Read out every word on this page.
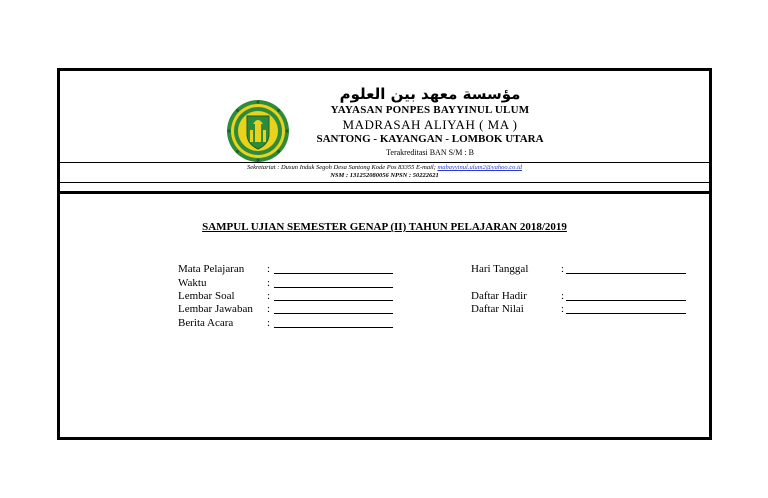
مؤسسة معهد بين العلوم
YAYASAN PONPES BAYYINUL ULUM
MADRASAH ALIYAH ( MA )
SANTONG - KAYANGAN - LOMBOK UTARA
Terakreditasi BAN S/M : B
Sekretariat : Dusun Induk Segoh Desa Santong Kode Pos 83355 E-mail; mabayyinul.ulum2@yahoo.co.id
NSM : 131252080056 NPSN : 50222621
SAMPUL UJIAN SEMESTER GENAP (II) TAHUN PELAJARAN 2018/2019
Mata Pelajaran :
Waktu	:
Lembar Soal	:
Lembar Jawaban :
Berita Acara	:
Hari Tanggal	:
Daftar Hadir	:
Daftar Nilai	:
